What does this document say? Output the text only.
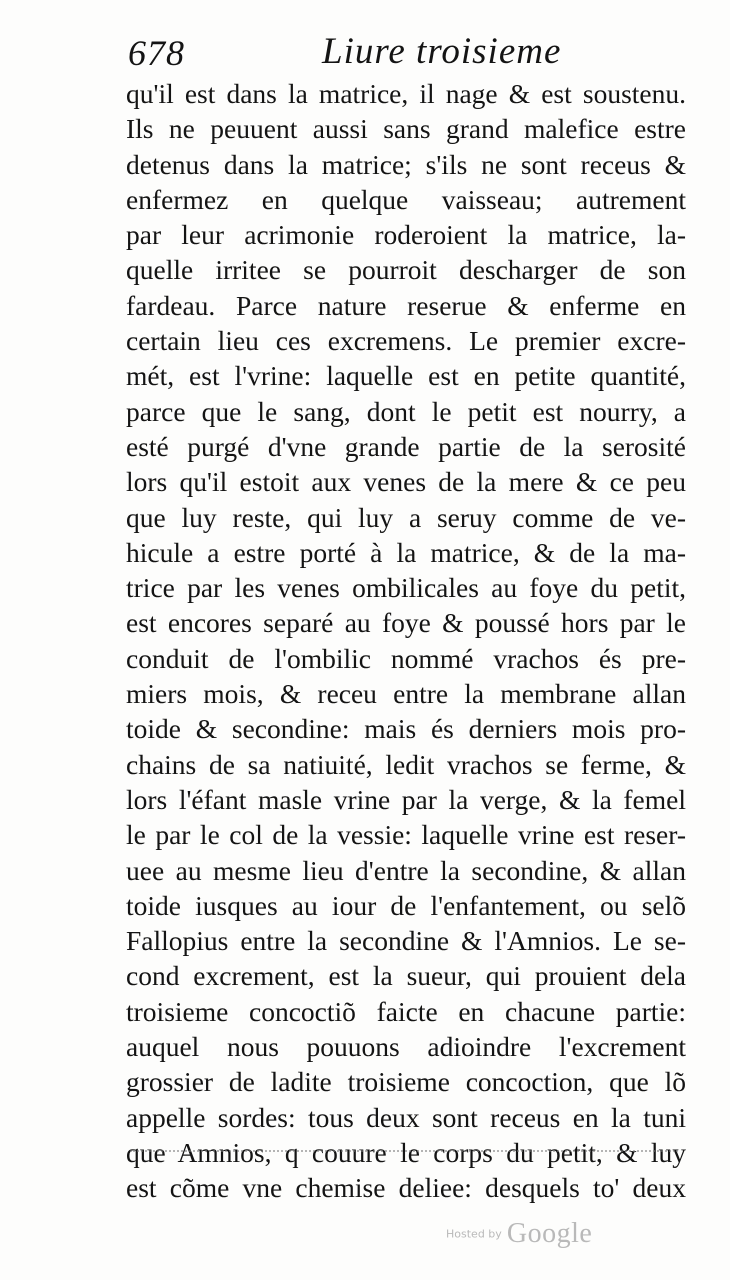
678	Liure troisieme
qu'il est dans la matrice, il nage & est soustenu.
Ils ne peuuent aussi sans grand malefice estre
detenus dans la matrice; s'ils ne sont receus &
enfermez en quelque vaisseau; autrement
par leur acrimonie roderoient la matrice, la-
quelle irritee se pourroit descharger de son
fardeau. Parce nature reserue & enferme en
certain lieu ces excremens. Le premier excre-
mét, est l'vrine: laquelle est en petite quantité,
parce que le sang, dont le petit est nourry, a
esté purgé d'vne grande partie de la serosité
lors qu'il estoit aux venes de la mere & ce peu
que luy reste, qui luy a seruy comme de ve-
hicule a estre porté à la matrice, & de la ma-
trice par les venes ombilicales au foye du petit,
est encores separé au foye & poussé hors par le
conduit de l'ombilic nommé vrachos és pre-
miers mois, & receu entre la membrane allan
toide & secondine: mais és derniers mois pro-
chains de sa natiuité, ledit vrachos se ferme, &
lors l'éfant masle vrine par la verge, & la femel
le par le col de la vessie: laquelle vrine est reser-
uee au mesme lieu d'entre la secondine, & allan
toide iusques au iour de l'enfantement, ou selõ
Fallopius entre la secondine & l'Amnios. Le se-
cond excrement, est la sueur, qui prouient dela
troisieme concoctiõ faicte en chacune partie:
auquel nous pouuons adioindre l'excrement
grossier de ladite troisieme concoction, que lõ
appelle sordes: tous deux sont receus en la tuni
que Amnios, q couure le corps du petit, & luy
est cõme vne chemise deliee: desquels to' deux
Hosted by Google
